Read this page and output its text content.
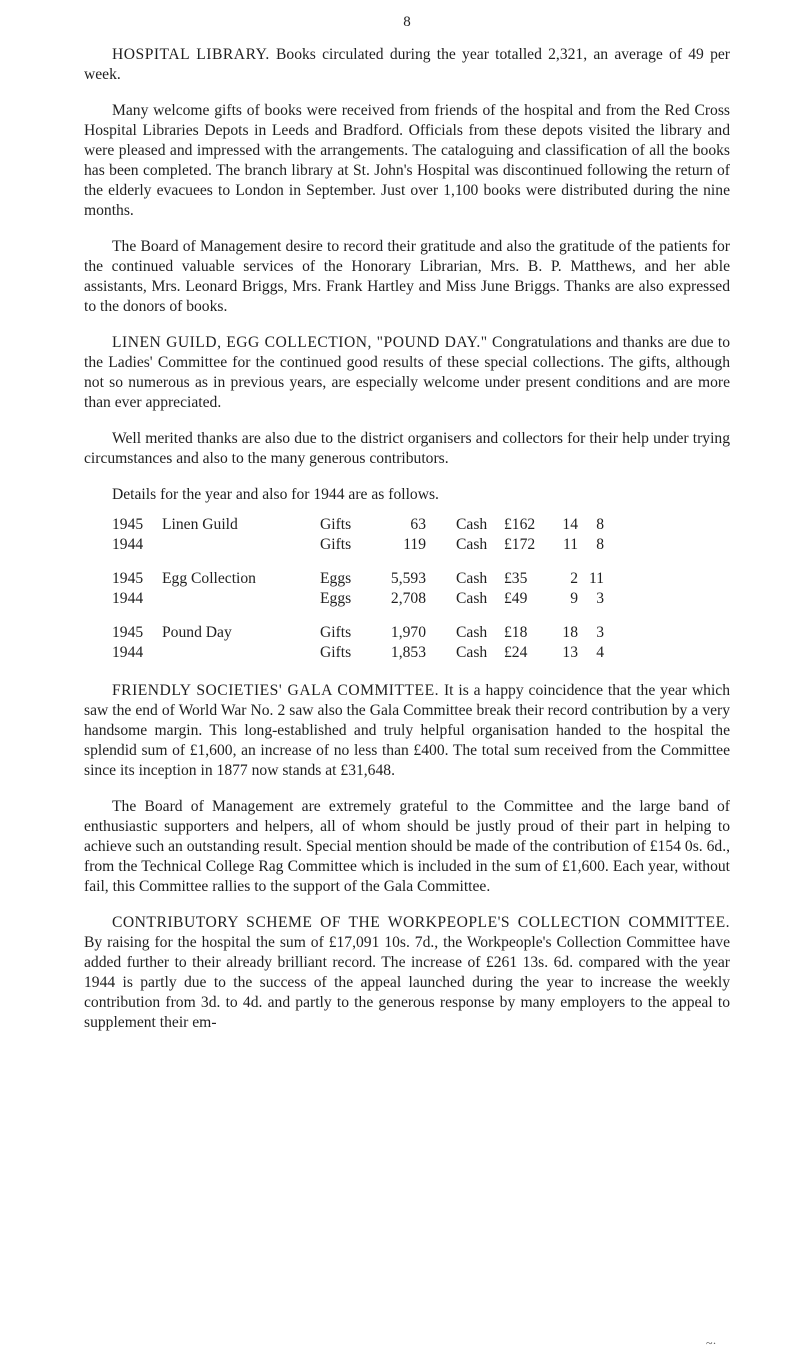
8

HOSPITAL LIBRARY. Books circulated during the year totalled 2,321, an average of 49 per week.

Many welcome gifts of books were received from friends of the hospital and from the Red Cross Hospital Libraries Depots in Leeds and Bradford. Officials from these depots visited the library and were pleased and impressed with the arrangements. The cataloguing and classification of all the books has been completed. The branch library at St. John's Hospital was discontinued following the return of the elderly evacuees to London in September. Just over 1,100 books were distributed during the nine months.

The Board of Management desire to record their gratitude and also the gratitude of the patients for the continued valuable services of the Honorary Librarian, Mrs. B. P. Matthews, and her able assistants, Mrs. Leonard Briggs, Mrs. Frank Hartley and Miss June Briggs. Thanks are also expressed to the donors of books.

LINEN GUILD, EGG COLLECTION, "POUND DAY." Congratulations and thanks are due to the Ladies' Committee for the continued good results of these special collections. The gifts, although not so numerous as in previous years, are especially welcome under present conditions and are more than ever appreciated.

Well merited thanks are also due to the district organisers and collectors for their help under trying circumstances and also to the many generous contributors.

Details for the year and also for 1944 are as follows.

1945	Linen Guild	Gifts	63	Cash	£162	14	8
1944		Gifts	119	Cash	£172	11	8

1945	Egg Collection	Eggs	5,593	Cash	£35	2	11
1944		Eggs	2,708	Cash	£49	9	3

1945	Pound Day	Gifts	1,970	Cash	£18	18	3
1944		Gifts	1,853	Cash	£24	13	4

FRIENDLY SOCIETIES' GALA COMMITTEE. It is a happy coincidence that the year which saw the end of World War No. 2 saw also the Gala Committee break their record contribution by a very handsome margin. This long-established and truly helpful organisation handed to the hospital the splendid sum of £1,600, an increase of no less than £400. The total sum received from the Committee since its inception in 1877 now stands at £31,648.

The Board of Management are extremely grateful to the Committee and the large band of enthusiastic supporters and helpers, all of whom should be justly proud of their part in helping to achieve such an outstanding result. Special mention should be made of the contribution of £154 0s. 6d., from the Technical College Rag Committee which is included in the sum of £1,600. Each year, without fail, this Committee rallies to the support of the Gala Committee.

CONTRIBUTORY SCHEME OF THE WORKPEOPLE'S COLLECTION COMMITTEE. By raising for the hospital the sum of £17,091 10s. 7d., the Workpeople's Collection Committee have added further to their already brilliant record. The increase of £261 13s. 6d. compared with the year 1944 is partly due to the success of the appeal launched during the year to increase the weekly contribution from 3d. to 4d. and partly to the generous response by many employers to the appeal to supplement their em-

~·
